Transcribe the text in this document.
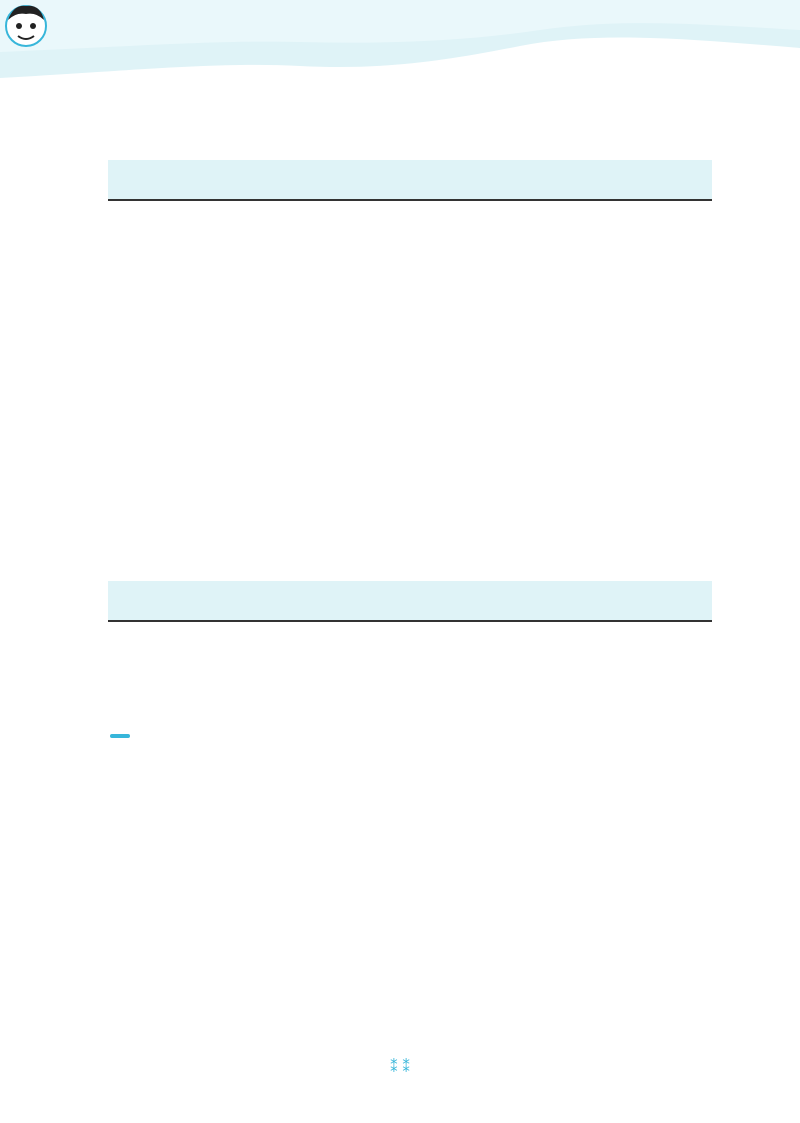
⁑ ⁑
